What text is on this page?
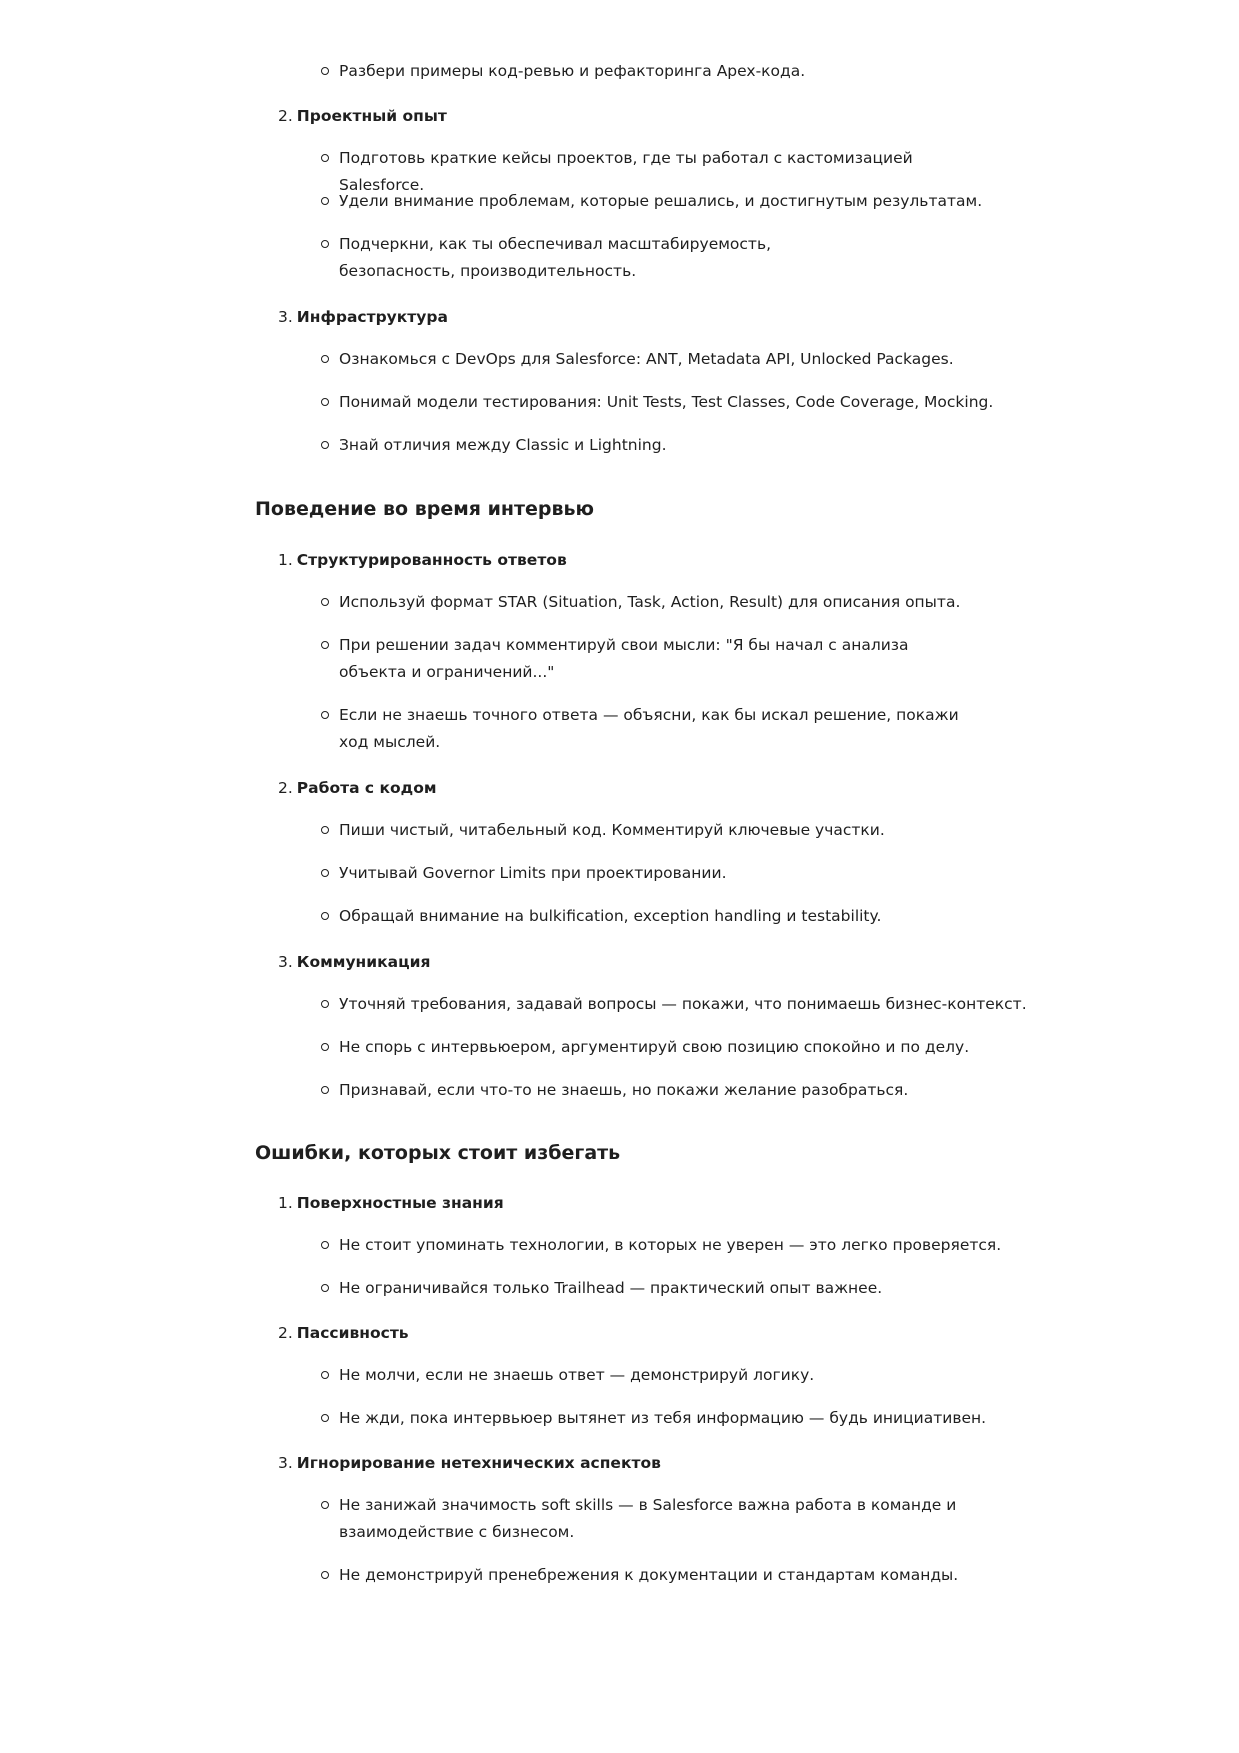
Разбери примеры код-ревью и рефакторинга Apex-кода.
2. Проектный опыт
Подготовь краткие кейсы проектов, где ты работал с кастомизацией Salesforce.
Удели внимание проблемам, которые решались, и достигнутым результатам.
Подчеркни, как ты обеспечивал масштабируемость, безопасность, производительность.
3. Инфраструктура
Ознакомься с DevOps для Salesforce: ANT, Metadata API, Unlocked Packages.
Понимай модели тестирования: Unit Tests, Test Classes, Code Coverage, Mocking.
Знай отличия между Classic и Lightning.
Поведение во время интервью
1. Структурированность ответов
Используй формат STAR (Situation, Task, Action, Result) для описания опыта.
При решении задач комментируй свои мысли: "Я бы начал с анализа объекта и ограничений..."
Если не знаешь точного ответа — объясни, как бы искал решение, покажи ход мыслей.
2. Работа с кодом
Пиши чистый, читабельный код. Комментируй ключевые участки.
Учитывай Governor Limits при проектировании.
Обращай внимание на bulkification, exception handling и testability.
3. Коммуникация
Уточняй требования, задавай вопросы — покажи, что понимаешь бизнес-контекст.
Не спорь с интервьюером, аргументируй свою позицию спокойно и по делу.
Признавай, если что-то не знаешь, но покажи желание разобраться.
Ошибки, которых стоит избегать
1. Поверхностные знания
Не стоит упоминать технологии, в которых не уверен — это легко проверяется.
Не ограничивайся только Trailhead — практический опыт важнее.
2. Пассивность
Не молчи, если не знаешь ответ — демонстрируй логику.
Не жди, пока интервьюер вытянет из тебя информацию — будь инициативен.
3. Игнорирование нетехнических аспектов
Не занижай значимость soft skills — в Salesforce важна работа в команде и взаимодействие с бизнесом.
Не демонстрируй пренебрежения к документации и стандартам команды.
